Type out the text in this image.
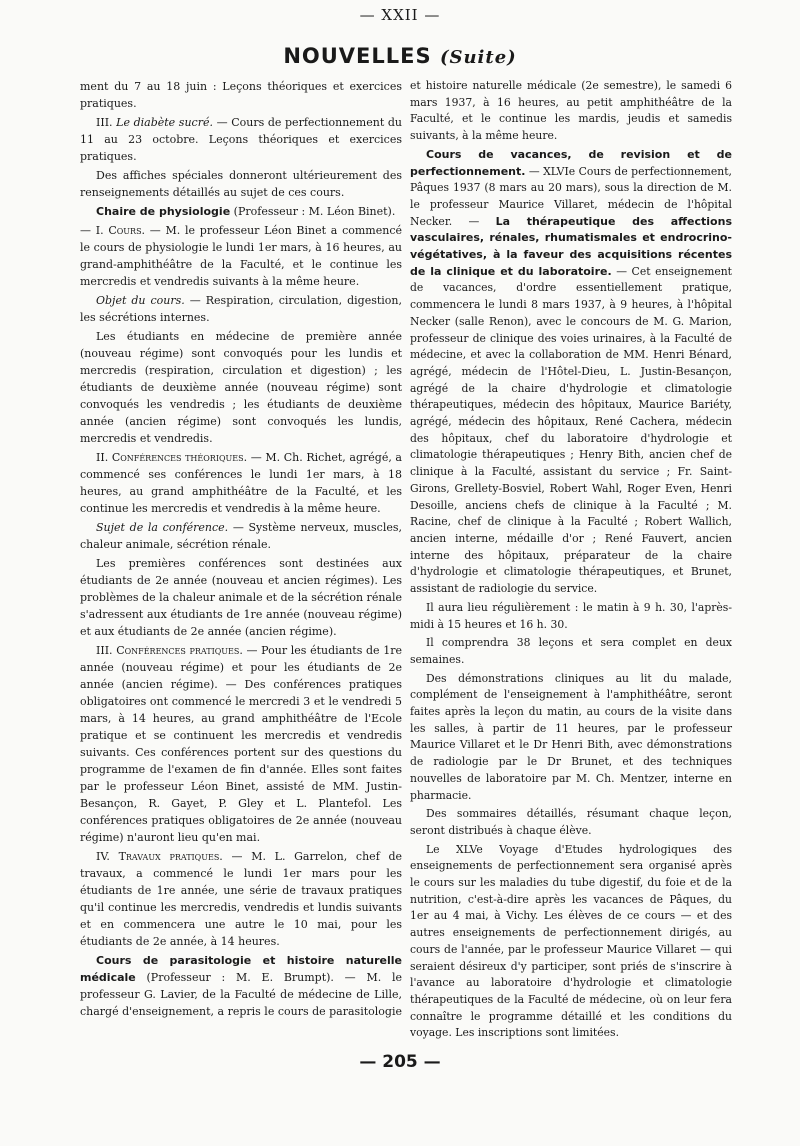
— XXII —
NOUVELLES (Suite)

ment du 7 au 18 juin : Leçons théoriques et exercices pratiques.

III. Le diabète sucré. — Cours de perfectionnement du 11 au 23 octobre. Leçons théoriques et exercices pratiques.

Des affiches spéciales donneront ultérieurement des renseignements détaillés au sujet de ces cours.

Chaire de physiologie (Professeur : M. Léon Binet).

— I. Cours. — M. le professeur Léon Binet a commencé le cours de physiologie le lundi 1er mars, à 16 heures, au grand-amphithéâtre de la Faculté, et le continue les mercredis et vendredis suivants à la même heure.

Objet du cours. — Respiration, circulation, digestion, les sécrétions internes.

Les étudiants en médecine de première année (nouveau régime) sont convoqués pour les lundis et mercredis (respiration, circulation et digestion) ; les étudiants de deuxième année (nouveau régime) sont convoqués les vendredis ; les étudiants de deuxième année (ancien régime) sont convoqués les lundis, mercredis et vendredis.

II. Conférences théoriques. — M. Ch. Richet, agrégé, a commencé ses conférences le lundi 1er mars, à 18 heures, au grand amphithéâtre de la Faculté, et les continue les mercredis et vendredis à la même heure.

Sujet de la conférence. — Système nerveux, muscles, chaleur animale, sécrétion rénale.

Les premières conférences sont destinées aux étudiants de 2e année (nouveau et ancien régimes). Les problèmes de la chaleur animale et de la sécrétion rénale s'adressent aux étudiants de 1re année (nouveau régime) et aux étudiants de 2e année (ancien régime).

III. Conférences pratiques. — Pour les étudiants de 1re année (nouveau régime) et pour les étudiants de 2e année (ancien régime). — Des conférences pratiques obligatoires ont commencé le mercredi 3 et le vendredi 5 mars, à 14 heures, au grand amphithéâtre de l'Ecole pratique et se continuent les mercredis et vendredis suivants. Ces conférences portent sur des questions du programme de l'examen de fin d'année. Elles sont faites par le professeur Léon Binet, assisté de MM. Justin-Besançon, R. Gayet, P. Gley et L. Plantefol. Les conférences pratiques obligatoires de 2e année (nouveau régime) n'auront lieu qu'en mai.

IV. Travaux pratiques. — M. L. Garrelon, chef de travaux, a commencé le lundi 1er mars pour les étudiants de 1re année, une série de travaux pratiques qu'il continue les mercredis, vendredis et lundis suivants et en commencera une autre le 10 mai, pour les étudiants de 2e année, à 14 heures.

Cours de parasitologie et histoire naturelle médicale (Professeur : M. E. Brumpt). — M. le professeur G. Lavier, de la Faculté de médecine de Lille, chargé d'enseignement, a repris le cours de parasitologie

et histoire naturelle médicale (2e semestre), le samedi 6 mars 1937, à 16 heures, au petit amphithéâtre de la Faculté, et le continue les mardis, jeudis et samedis suivants, à la même heure.

Cours de vacances, de revision et de perfectionnement. — XLVIe Cours de perfectionnement, Pâques 1937 (8 mars au 20 mars), sous la direction de M. le professeur Maurice Villaret, médecin de l'hôpital Necker. — La thérapeutique des affections vasculaires, rénales, rhumatismales et endrocrino-végétatives, à la faveur des acquisitions récentes de la clinique et du laboratoire. — Cet enseignement de vacances, d'ordre essentiellement pratique, commencera le lundi 8 mars 1937, à 9 heures, à l'hôpital Necker (salle Renon), avec le concours de M. G. Marion, professeur de clinique des voies urinaires, à la Faculté de médecine, et avec la collaboration de MM. Henri Bénard, agrégé, médecin de l'Hôtel-Dieu, L. Justin-Besançon, agrégé de la chaire d'hydrologie et climatologie thérapeutiques, médecin des hôpitaux, Maurice Bariéty, agrégé, médecin des hôpitaux, René Cachera, médecin des hôpitaux, chef du laboratoire d'hydrologie et climatologie thérapeutiques ; Henry Bith, ancien chef de clinique à la Faculté, assistant du service ; Fr. Saint-Girons, Grellety-Bosviel, Robert Wahl, Roger Even, Henri Desoille, anciens chefs de clinique à la Faculté ; M. Racine, chef de clinique à la Faculté ; Robert Wallich, ancien interne, médaille d'or ; René Fauvert, ancien interne des hôpitaux, préparateur de la chaire d'hydrologie et climatologie thérapeutiques, et Brunet, assistant de radiologie du service.

Il aura lieu régulièrement : le matin à 9 h. 30, l'après-midi à 15 heures et 16 h. 30.

Il comprendra 38 leçons et sera complet en deux semaines.

Des démonstrations cliniques au lit du malade, complément de l'enseignement à l'amphithéâtre, seront faites après la leçon du matin, au cours de la visite dans les salles, à partir de 11 heures, par le professeur Maurice Villaret et le Dr Henri Bith, avec démonstrations de radiologie par le Dr Brunet, et des techniques nouvelles de laboratoire par M. Ch. Mentzer, interne en pharmacie.

Des sommaires détaillés, résumant chaque leçon, seront distribués à chaque élève.

Le XLVe Voyage d'Etudes hydrologiques des enseignements de perfectionnement sera organisé après le cours sur les maladies du tube digestif, du foie et de la nutrition, c'est-à-dire après les vacances de Pâques, du 1er au 4 mai, à Vichy. Les élèves de ce cours — et des autres enseignements de perfectionnement dirigés, au cours de l'année, par le professeur Maurice Villaret — qui seraient désireux d'y participer, sont priés de s'inscrire à l'avance au laboratoire d'hydrologie et climatologie thérapeutiques de la Faculté de médecine, où on leur fera connaître le programme détaillé et les conditions du voyage. Les inscriptions sont limitées.

— 205 —
